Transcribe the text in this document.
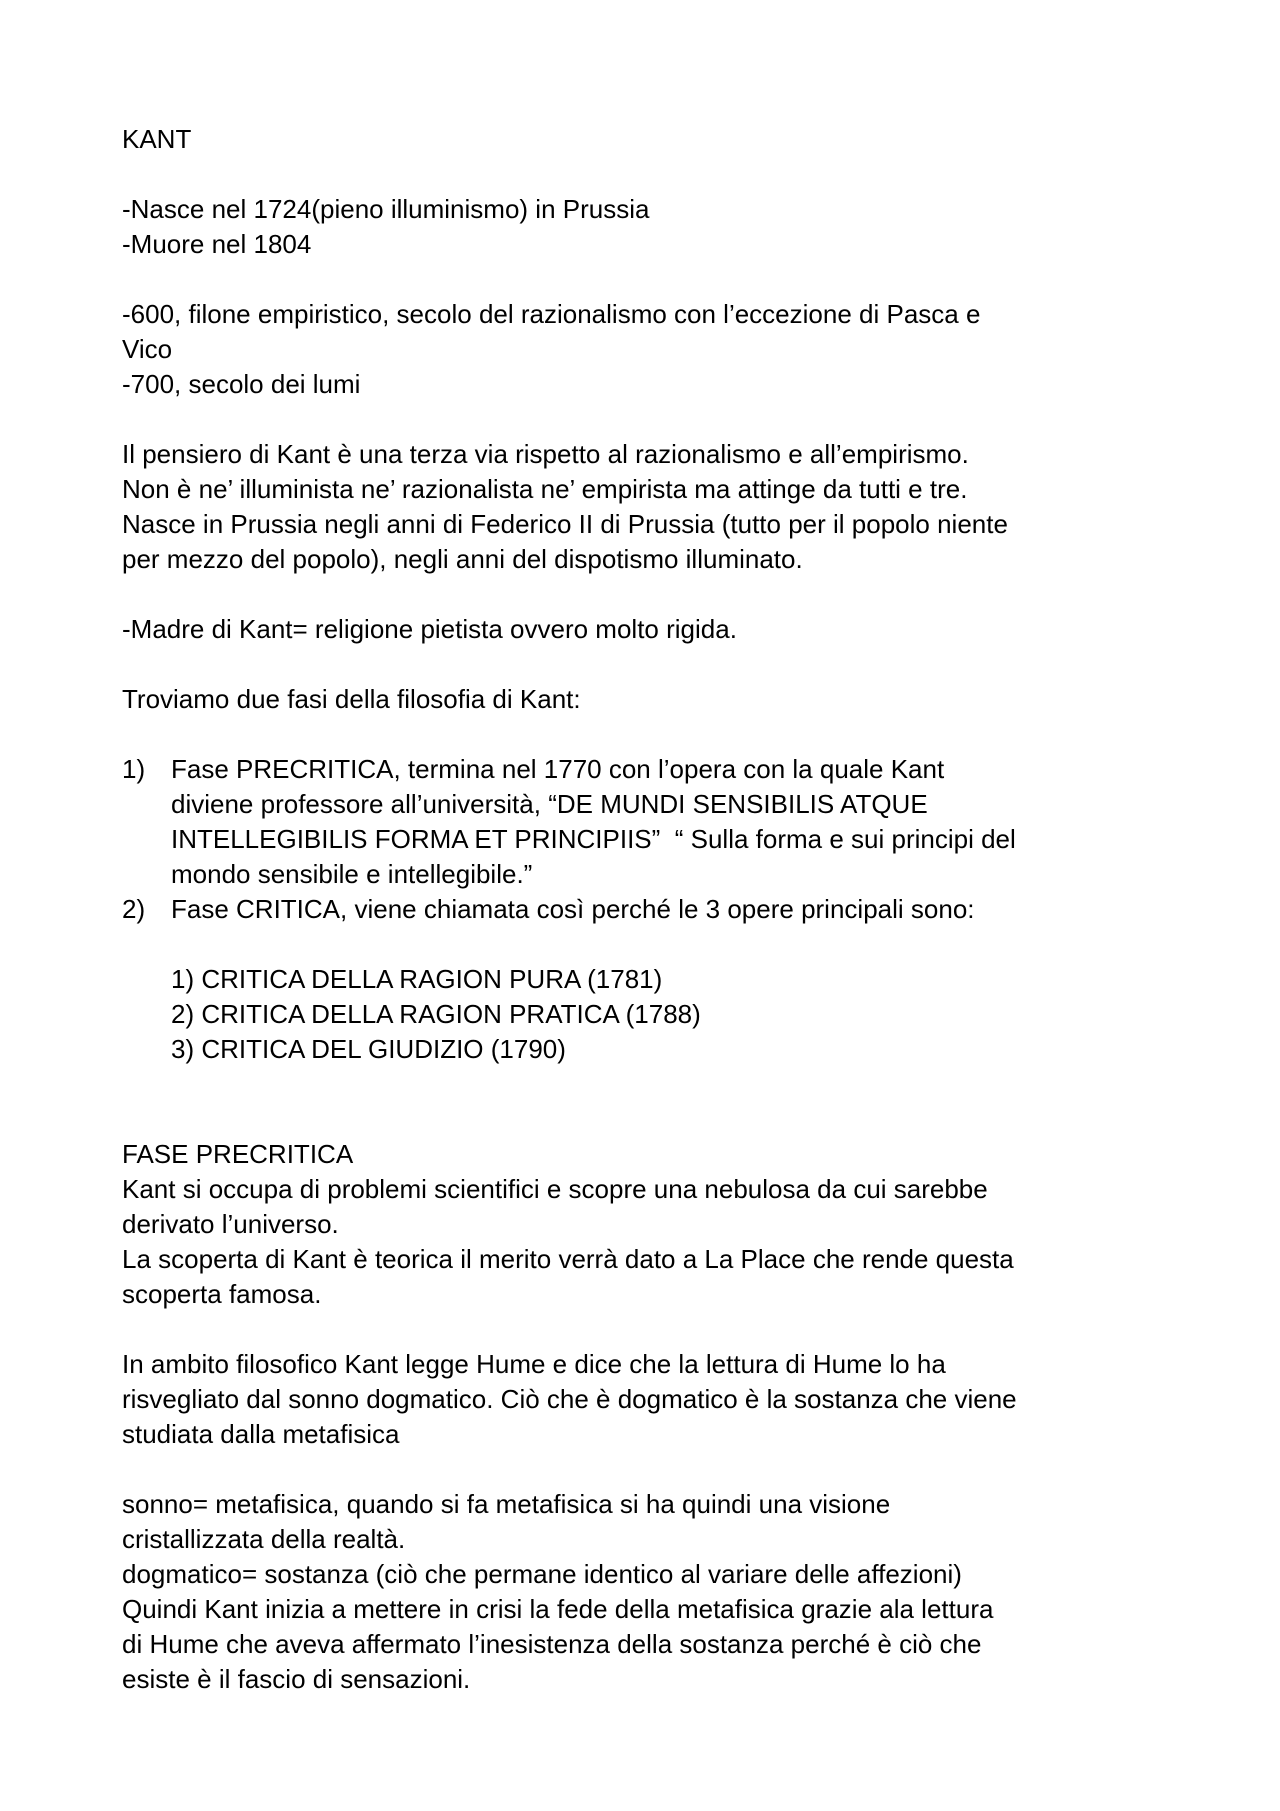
KANT
-Nasce nel 1724(pieno illuminismo) in Prussia
-Muore nel 1804
-600, filone empiristico, secolo del razionalismo con l’eccezione di Pasca e
Vico
-700, secolo dei lumi
Il pensiero di Kant è una terza via rispetto al razionalismo e all’empirismo.
Non è ne’ illuminista ne’ razionalista ne’ empirista ma attinge da tutti e tre.
Nasce in Prussia negli anni di Federico II di Prussia (tutto per il popolo niente
per mezzo del popolo), negli anni del dispotismo illuminato.
-Madre di Kant= religione pietista ovvero molto rigida.
Troviamo due fasi della filosofia di Kant:
1) Fase PRECRITICA, termina nel 1770 con l’opera con la quale Kant
diviene professore all’università, “DE MUNDI SENSIBILIS ATQUE
INTELLEGIBILIS FORMA ET PRINCIPIIS”  “ Sulla forma e sui principi del
mondo sensibile e intellegibile.”
2) Fase CRITICA, viene chiamata così perché le 3 opere principali sono:
1) CRITICA DELLA RAGION PURA (1781)
2) CRITICA DELLA RAGION PRATICA (1788)
3) CRITICA DEL GIUDIZIO (1790)
FASE PRECRITICA
Kant si occupa di problemi scientifici e scopre una nebulosa da cui sarebbe
derivato l’universo.
La scoperta di Kant è teorica il merito verrà dato a La Place che rende questa
scoperta famosa.
In ambito filosofico Kant legge Hume e dice che la lettura di Hume lo ha
risvegliato dal sonno dogmatico. Ciò che è dogmatico è la sostanza che viene
studiata dalla metafisica
sonno= metafisica, quando si fa metafisica si ha quindi una visione
cristallizzata della realtà.
dogmatico= sostanza (ciò che permane identico al variare delle affezioni)
Quindi Kant inizia a mettere in crisi la fede della metafisica grazie ala lettura
di Hume che aveva affermato l’inesistenza della sostanza perché è ciò che
esiste è il fascio di sensazioni.
